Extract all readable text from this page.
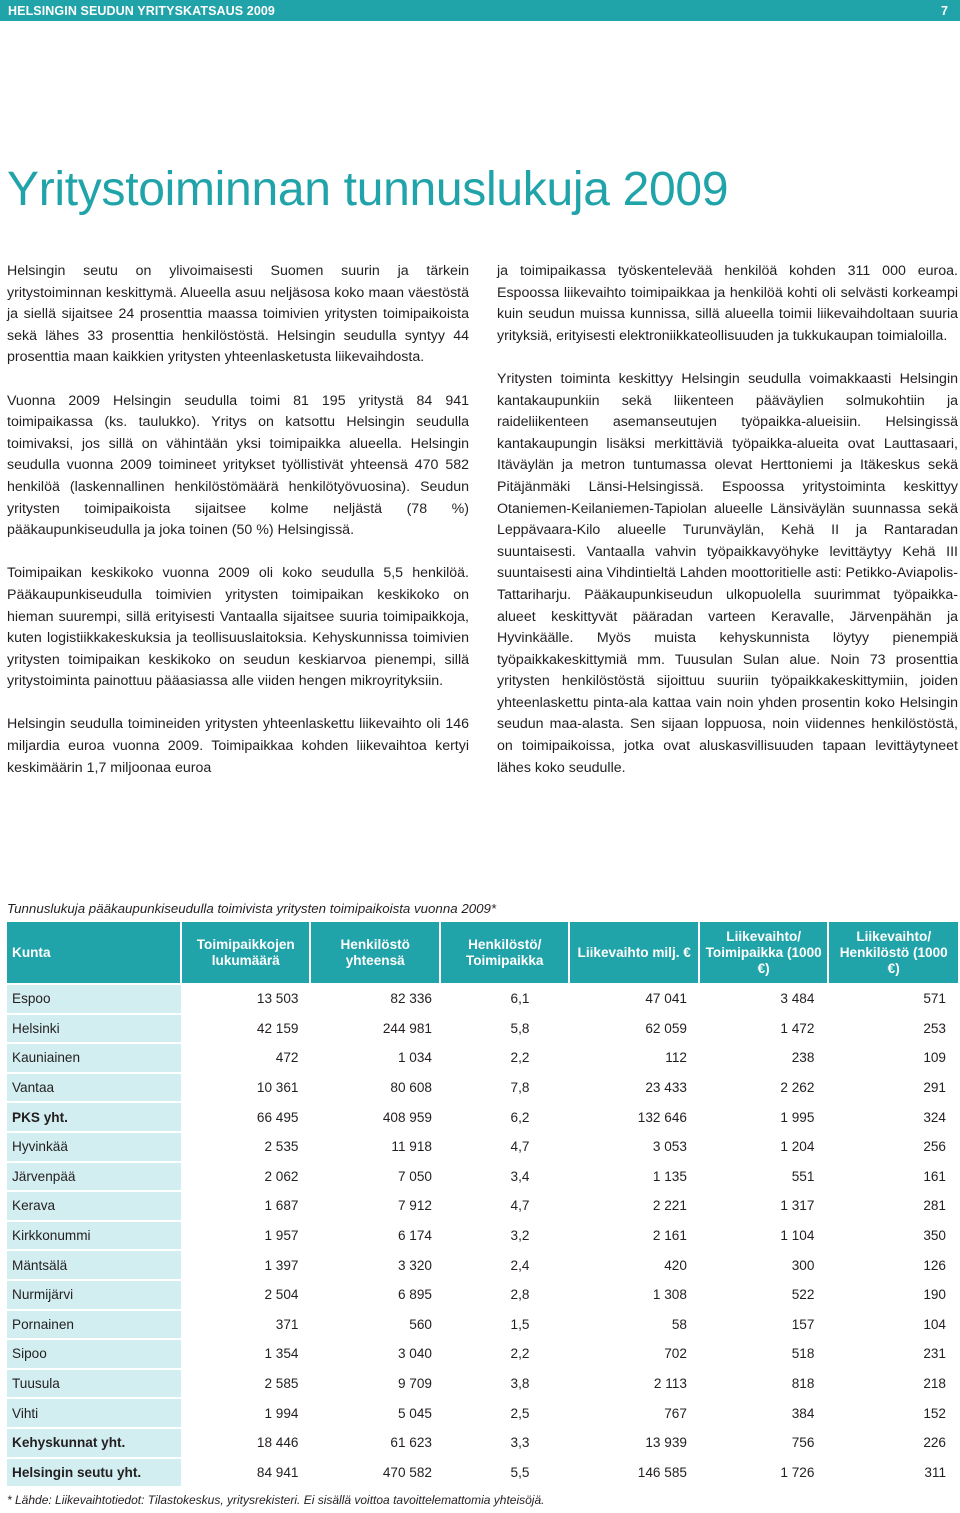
HELSINGIN SEUDUN YRITYSKATSAUS 2009	7
Yritystoiminnan tunnuslukuja 2009

Helsingin seutu on ylivoimaisesti Suomen suurin ja tärkein yritystoiminnan keskittymä. Alueella asuu neljäsosa koko maan väestöstä ja siellä sijaitsee 24 prosenttia maassa toimivien yritysten toimipaikoista sekä lähes 33 prosenttia henkilöstöstä. Helsingin seudulla syntyy 44 prosenttia maan kaikkien yritysten yhteenlasketusta liikevaihdosta.

Vuonna 2009 Helsingin seudulla toimi 81 195 yritystä 84 941 toimipaikassa (ks. taulukko). Yritys on katsottu Helsingin seudulla toimivaksi, jos sillä on vähintään yksi toimipaikka alueella. Helsingin seudulla vuonna 2009 toimineet yritykset työllistivät yhteensä 470 582 henkilöä (laskennallinen henkilöstömäärä henkilötyövuosina). Seudun yritysten toimipaikoista sijaitsee kolme neljästä (78 %) pääkaupunkiseudulla ja joka toinen (50 %) Helsingissä.

Toimipaikan keskikoko vuonna 2009 oli koko seudulla 5,5 henkilöä. Pääkaupunkiseudulla toimivien yritysten toimipaikan keskikoko on hieman suurempi, sillä erityisesti Vantaalla sijaitsee suuria toimipaikkoja, kuten logistiikkakeskuksia ja teollisuuslaitoksia. Kehyskunnissa toimivien yritysten toimipaikan keskikoko on seudun keskiarvoa pienempi, sillä yritystoiminta painottuu pääasiassa alle viiden hengen mikroyrityksiin.

Helsingin seudulla toimineiden yritysten yhteenlaskettu liikevaihto oli 146 miljardia euroa vuonna 2009. Toimipaikkaa kohden liikevaihtoa kertyi keskimäärin 1,7 miljoonaa euroa

ja toimipaikassa työskentelevää henkilöä kohden 311 000 euroa. Espoossa liikevaihto toimipaikkaa ja henkilöä kohti oli selvästi korkeampi kuin seudun muissa kunnissa, sillä alueella toimii liikevaihdoltaan suuria yrityksiä, erityisesti elektroniikkateollisuuden ja tukkukaupan toimialoilla.

Yritysten toiminta keskittyy Helsingin seudulla voimakkaasti Helsingin kantakaupunkiin sekä liikenteen pääväylien solmukohtiin ja raideliikenteen asemanseutujen työpaikka-alueisiin. Helsingissä kantakaupungin lisäksi merkittäviä työpaikka-alueita ovat Lauttasaari, Itäväylän ja metron tuntumassa olevat Herttoniemi ja Itäkeskus sekä Pitäjänmäki Länsi-Helsingissä. Espoossa yritystoiminta keskittyy Otaniemen-Keilaniemen-Tapiolan alueelle Länsiväylän suunnassa sekä Leppävaara-Kilo alueelle Turunväylän, Kehä II ja Rantaradan suuntaisesti. Vantaalla vahvin työpaikkavyöhyke levittäytyy Kehä III suuntaisesti aina Vihdintieltä Lahden moottoritielle asti: Petikko-Aviapolis-Tattariharju. Pääkaupunkiseudun ulkopuolella suurimmat työpaikka-alueet keskittyvät pääradan varteen Keravalle, Järvenpähän ja Hyvinkäälle. Myös muista kehyskunnista löytyy pienempiä työpaikkakeskittymiä mm. Tuusulan Sulan alue. Noin 73 prosenttia yritysten henkilöstöstä sijoittuu suuriin työpaikkakeskittymiin, joiden yhteenlaskettu pinta-ala kattaa vain noin yhden prosentin koko Helsingin seudun maa-alasta. Sen sijaan loppuosa, noin viidennes henkilöstöstä, on toimipaikoissa, jotka ovat aluskasvillisuuden tapaan levittäytyneet lähes koko seudulle.

Tunnuslukuja pääkaupunkiseudulla toimivista yritysten toimipaikoista vuonna 2009*
Kunta	Toimipaikkojen lukumäärä	Henkilöstö yhteensä	Henkilöstö/ Toimipaikka	Liikevaihto milj. €	Liikevaihto/ Toimipaikka (1000 €)	Liikevaihto/ Henkilöstö (1000 €)
Espoo	13 503	82 336	6,1	47 041	3 484	571
Helsinki	42 159	244 981	5,8	62 059	1 472	253
Kauniainen	472	1 034	2,2	112	238	109
Vantaa	10 361	80 608	7,8	23 433	2 262	291
PKS yht.	66 495	408 959	6,2	132 646	1 995	324
Hyvinkää	2 535	11 918	4,7	3 053	1 204	256
Järvenpää	2 062	7 050	3,4	1 135	551	161
Kerava	1 687	7 912	4,7	2 221	1 317	281
Kirkkonummi	1 957	6 174	3,2	2 161	1 104	350
Mäntsälä	1 397	3 320	2,4	420	300	126
Nurmijärvi	2 504	6 895	2,8	1 308	522	190
Pornainen	371	560	1,5	58	157	104
Sipoo	1 354	3 040	2,2	702	518	231
Tuusula	2 585	9 709	3,8	2 113	818	218
Vihti	1 994	5 045	2,5	767	384	152
Kehyskunnat yht.	18 446	61 623	3,3	13 939	756	226
Helsingin seutu yht.	84 941	470 582	5,5	146 585	1 726	311
* Lähde: Liikevaihtotiedot: Tilastokeskus, yritysrekisteri. Ei sisällä voittoa tavoittelemattomia yhteisöjä.
